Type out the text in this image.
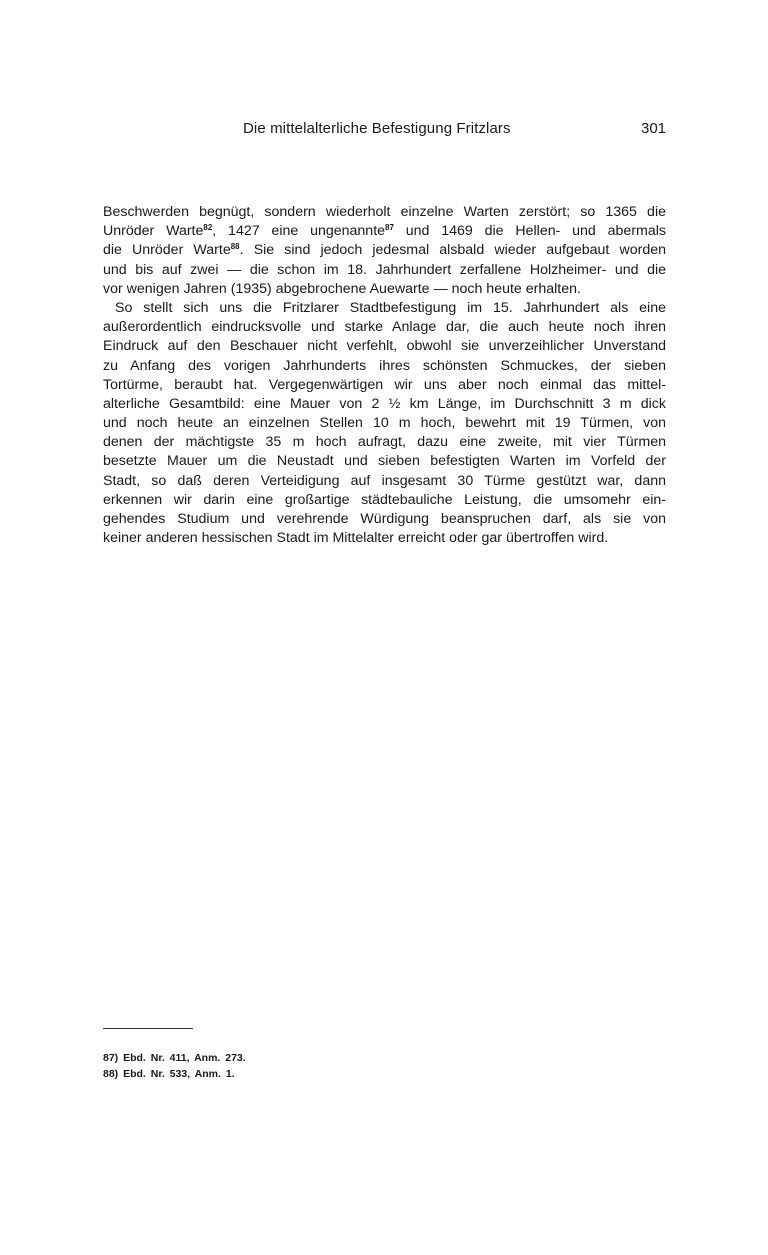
Die mittelalterliche Befestigung Fritzlars	301

Beschwerden begnügt, sondern wiederholt einzelne Warten zerstört; so 1365 die
Unröder Warte$^{82}$, 1427 eine ungenannte$^{87}$ und 1469 die Hellen- und abermals
die Unröder Warte$^{88}$. Sie sind jedoch jedesmal alsbald wieder aufgebaut worden
und bis auf zwei — die schon im 18. Jahrhundert zerfallene Holzheimer- und die
vor wenigen Jahren (1935) abgebrochene Auewarte — noch heute erhalten.

So stellt sich uns die Fritzlarer Stadtbefestigung im 15. Jahrhundert als eine
außerordentlich eindrucksvolle und starke Anlage dar, die auch heute noch ihren
Eindruck auf den Beschauer nicht verfehlt, obwohl sie unverzeihlicher Unverstand
zu Anfang des vorigen Jahrhunderts ihres schönsten Schmuckes, der sieben
Tortürme, beraubt hat. Vergegenwärtigen wir uns aber noch einmal das mittel-
alterliche Gesamtbild: eine Mauer von 2 ½ km Länge, im Durchschnitt 3 m dick
und noch heute an einzelnen Stellen 10 m hoch, bewehrt mit 19 Türmen, von
denen der mächtigste 35 m hoch aufragt, dazu eine zweite, mit vier Türmen
besetzte Mauer um die Neustadt und sieben befestigten Warten im Vorfeld der
Stadt, so daß deren Verteidigung auf insgesamt 30 Türme gestützt war, dann
erkennen wir darin eine großartige städtebauliche Leistung, die umsomehr ein-
gehendes Studium und verehrende Würdigung beanspruchen darf, als sie von
keiner anderen hessischen Stadt im Mittelalter erreicht oder gar übertroffen wird.

87) Ebd. Nr. 411, Anm. 273.
88) Ebd. Nr. 533, Anm. 1.
